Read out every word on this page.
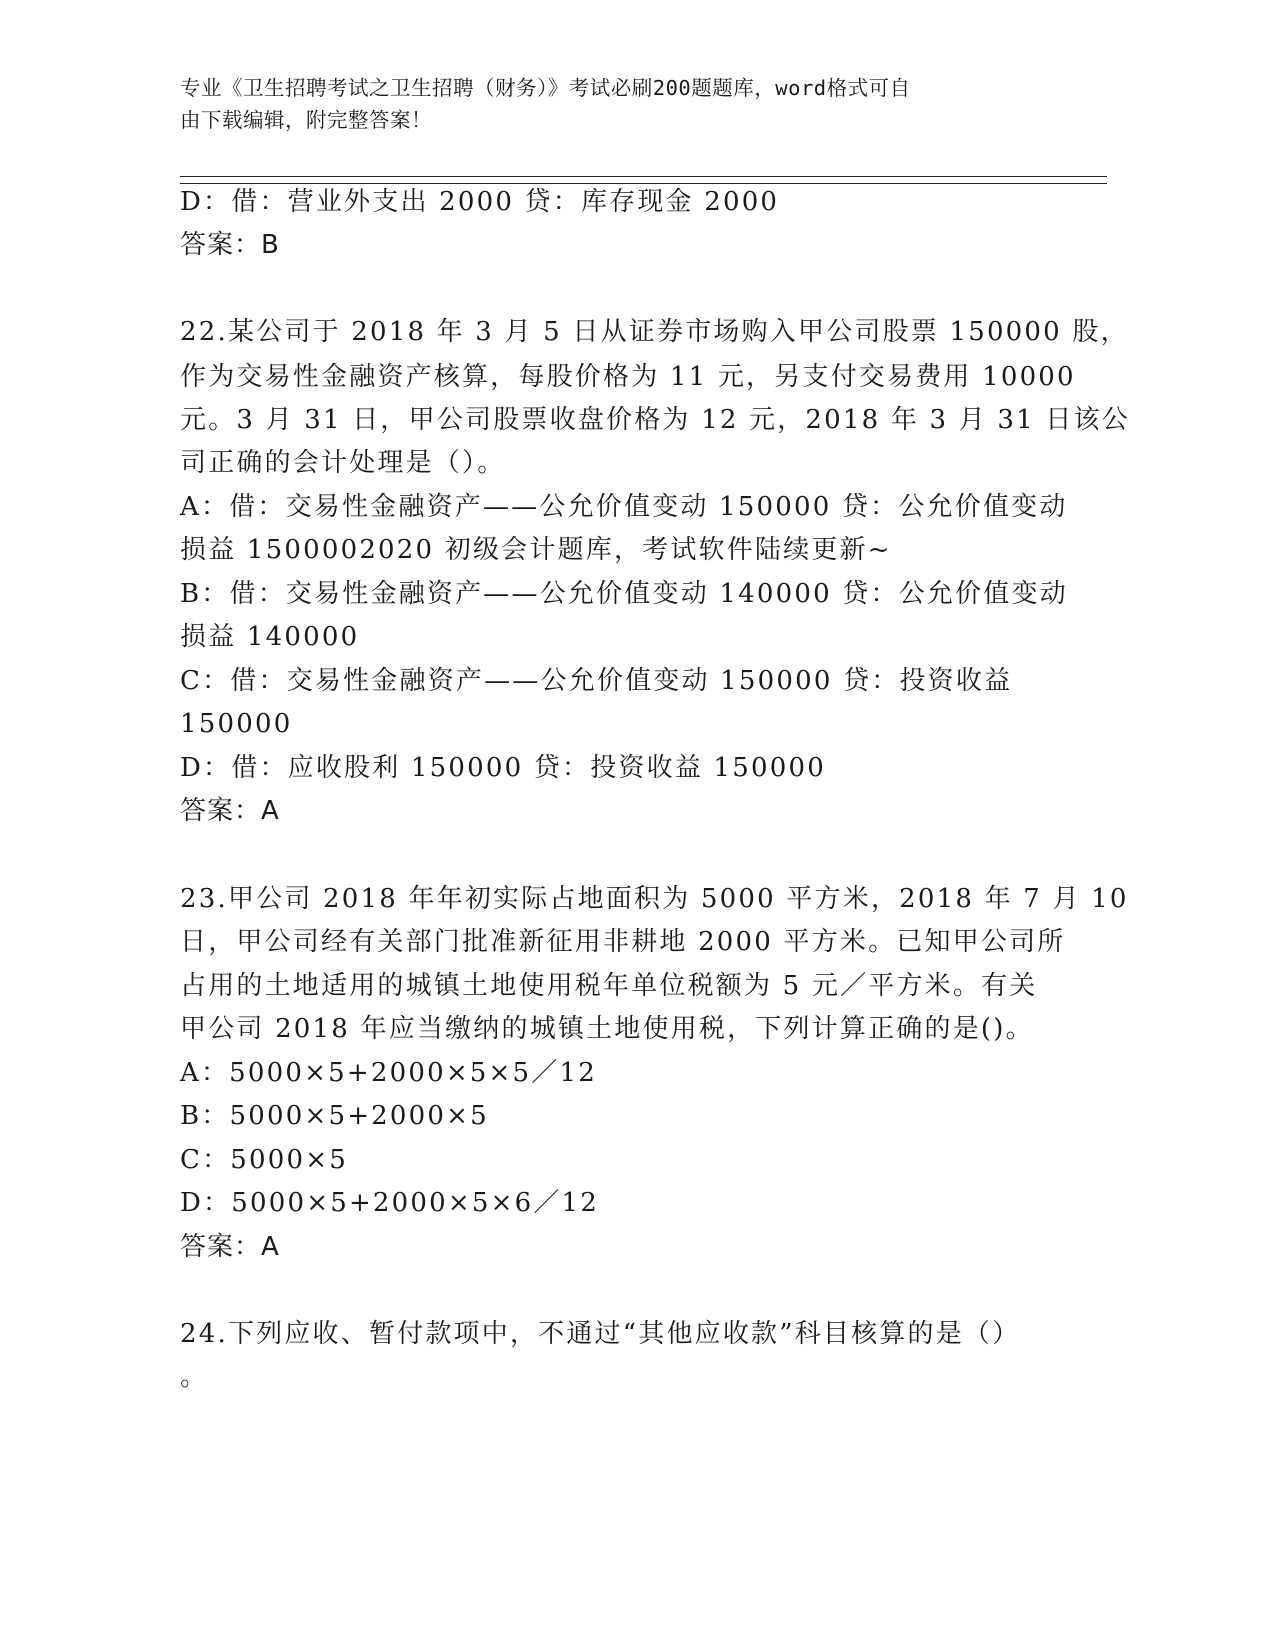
专业《卫生招聘考试之卫生招聘（财务）》考试必刷200题题库，word格式可自
由下载编辑，附完整答案！
D：借：营业外支出 2000 贷：库存现金 2000
答案：B
22.某公司于 2018 年 3 月 5 日从证券市场购入甲公司股票 150000 股，
作为交易性金融资产核算，每股价格为 11 元，另支付交易费用 10000
元。3 月 31 日，甲公司股票收盘价格为 12 元，2018 年 3 月 31 日该公
司正确的会计处理是（）。
A：借：交易性金融资产——公允价值变动 150000 贷：公允价值变动
损益 1500002020 初级会计题库，考试软件陆续更新~
B：借：交易性金融资产——公允价值变动 140000 贷：公允价值变动
损益 140000
C：借：交易性金融资产——公允价值变动 150000 贷：投资收益
150000
D：借：应收股利 150000 贷：投资收益 150000
答案：A
23.甲公司 2018 年年初实际占地面积为 5000 平方米，2018 年 7 月 10
日，甲公司经有关部门批准新征用非耕地 2000 平方米。已知甲公司所
占用的土地适用的城镇土地使用税年单位税额为 5 元／平方米。有关
甲公司 2018 年应当缴纳的城镇土地使用税，下列计算正确的是()。
A：5000×5+2000×5×5／12
B：5000×5+2000×5
C：5000×5
D：5000×5+2000×5×6／12
答案：A
24.下列应收、暂付款项中，不通过“其他应收款”科目核算的是（）
。
